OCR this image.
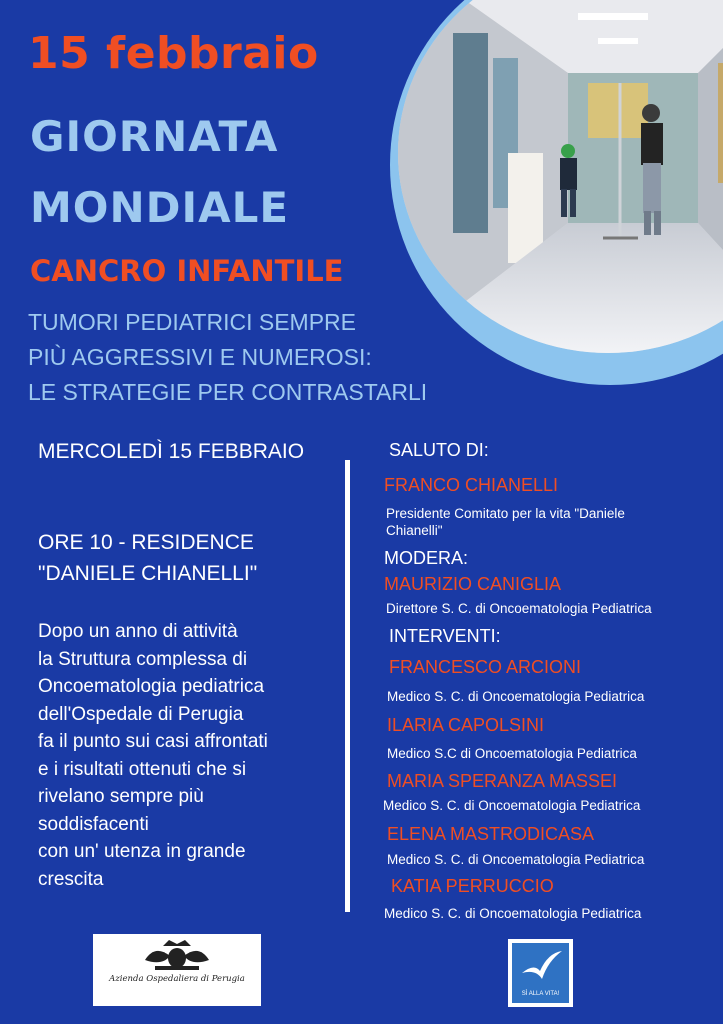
15 febbraio
GIORNATA
MONDIALE
CANCRO INFANTILE
TUMORI PEDIATRICI SEMPRE
PIÙ AGGRESSIVI E NUMEROSI:
LE STRATEGIE PER CONTRASTARLI
MERCOLEDÌ 15 FEBBRAIO
ORE 10 - RESIDENCE
"DANIELE CHIANELLI"
Dopo un anno di attività
la Struttura complessa di
Oncoematologia pediatrica
dell'Ospedale di Perugia
fa il punto sui casi affrontati
e i risultati ottenuti che si
rivelano sempre più
soddisfacenti
con un' utenza in grande
crescita
SALUTO DI:
FRANCO CHIANELLI
Presidente Comitato per la vita "Daniele
Chianelli"
MODERA:
MAURIZIO CANIGLIA
Direttore S. C. di Oncoematologia Pediatrica
INTERVENTI:
FRANCESCO ARCIONI
Medico S. C. di Oncoematologia Pediatrica
ILARIA CAPOLSINI
Medico S.C di Oncoematologia Pediatrica
MARIA SPERANZA MASSEI
Medico S. C. di Oncoematologia Pediatrica
ELENA MASTRODICASA
Medico S. C. di Oncoematologia Pediatrica
KATIA PERRUCCIO
Medico S. C. di Oncoematologia Pediatrica
Azienda Ospedaliera di Perugia
SÌ ALLA VITA!
